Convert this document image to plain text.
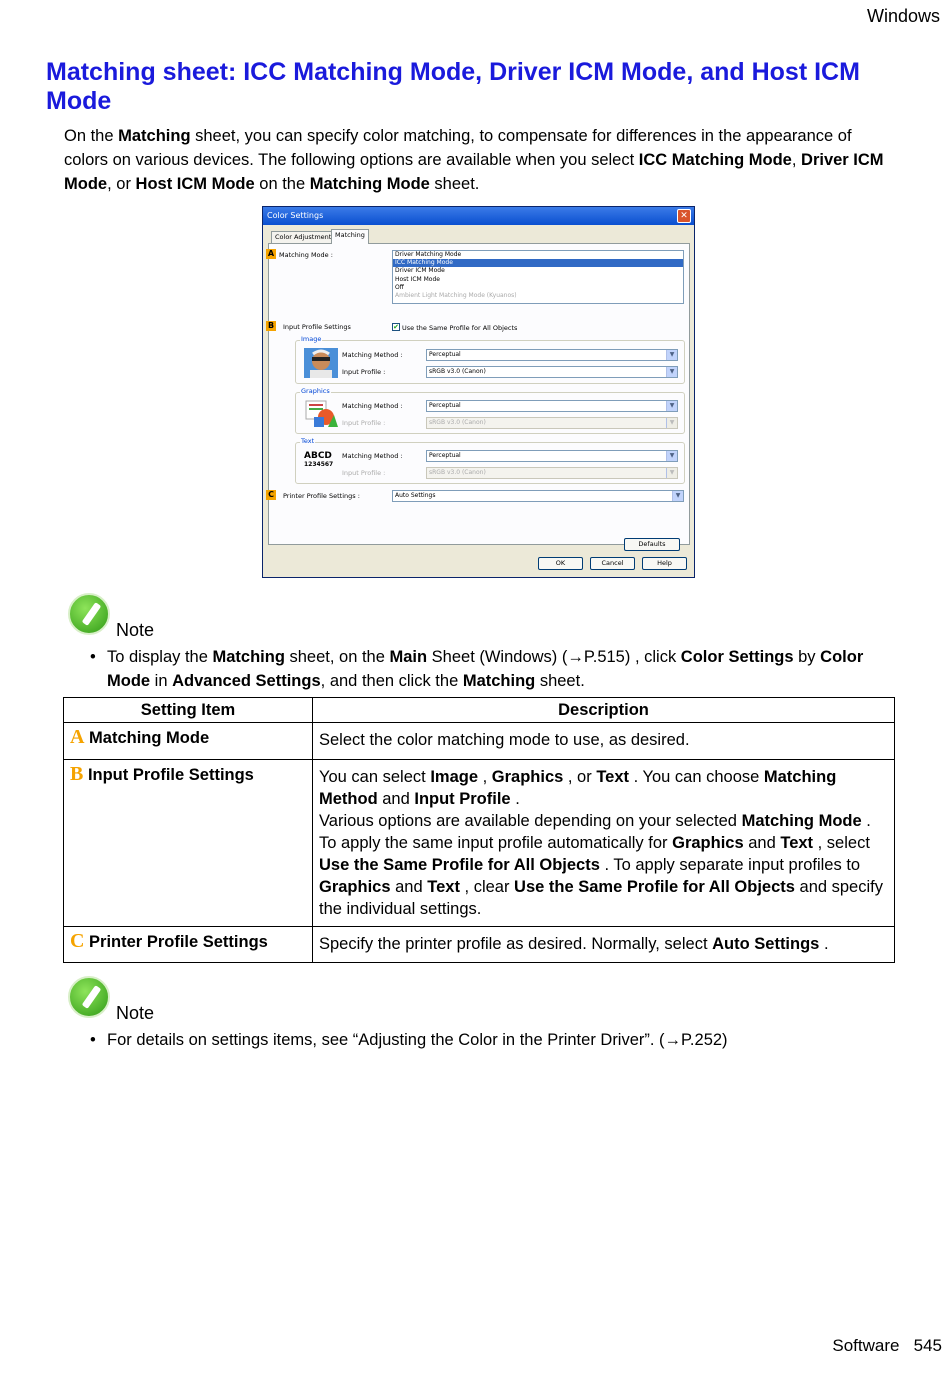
Windows
Matching sheet: ICC Matching Mode, Driver ICM Mode, and Host ICM Mode
On the Matching sheet, you can specify color matching, to compensate for differences in the appearance of colors on various devices. The following options are available when you select ICC Matching Mode, Driver ICM Mode, or Host ICM Mode on the Matching Mode sheet.
Color Settings	✕
Color Adjustment Matching
A Matching Mode :	Driver Matching Mode
ICC Matching Mode
Driver ICM Mode
Host ICM Mode
Off
Ambient Light Matching Mode (Kyuanos)
B	Input Profile Settings	✔ Use the Same Profile for All Objects
Image
Matching Method :	Perceptual	▼
Input Profile :	sRGB v3.0 (Canon)	▼
Graphics
Matching Method :	Perceptual	▼
Input Profile :	sRGB v3.0 (Canon)	▼
Text
ABCD
1234567
Matching Method :	Perceptual	▼
Input Profile :	sRGB v3.0 (Canon)	▼
C	Printer Profile Settings :	Auto Settings	▼
Defaults
OK	Cancel	Help
Note
• To display the Matching sheet, on the Main Sheet (Windows) (→P.515) , click Color Settings by Color Mode in Advanced Settings, and then click the Matching sheet.
Setting Item	Description
A Matching Mode	Select the color matching mode to use, as desired.
B Input Profile Settings	You can select Image , Graphics , or Text . You can choose Matching Method and Input Profile .
Various options are available depending on your selected Matching Mode .
To apply the same input profile automatically for Graphics and Text , select Use the Same Profile for All Objects . To apply separate input profiles to Graphics and Text , clear Use the Same Profile for All Objects and specify the individual settings.
C Printer Profile Settings	Specify the printer profile as desired. Normally, select Auto Settings .
Note
• For details on settings items, see “Adjusting the Color in the Printer Driver”. (→P.252)
Software 545
